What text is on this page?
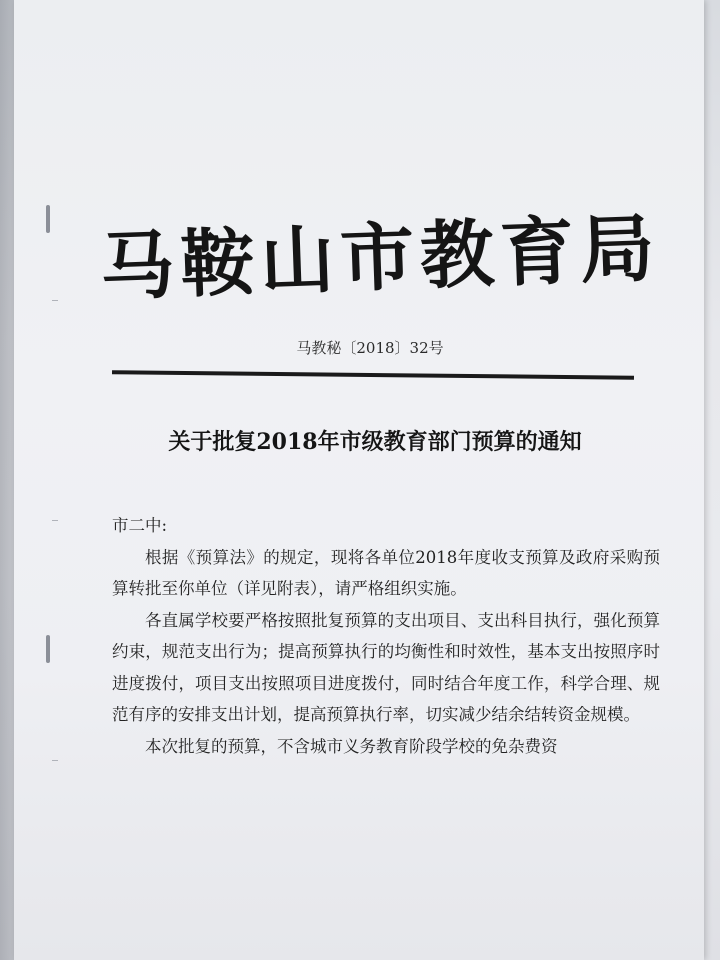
马鞍山市教育局
马教秘〔2018〕32号
关于批复2018年市级教育部门预算的通知

市二中:

根据《预算法》的规定，现将各单位2018年度收支预算及政府采购预算转批至你单位（详见附表），请严格组织实施。

各直属学校要严格按照批复预算的支出项目、支出科目执行，强化预算约束，规范支出行为；提高预算执行的均衡性和时效性，基本支出按照序时进度拨付，项目支出按照项目进度拨付，同时结合年度工作，科学合理、规范有序的安排支出计划，提高预算执行率，切实减少结余结转资金规模。

本次批复的预算，不含城市义务教育阶段学校的免杂费资
